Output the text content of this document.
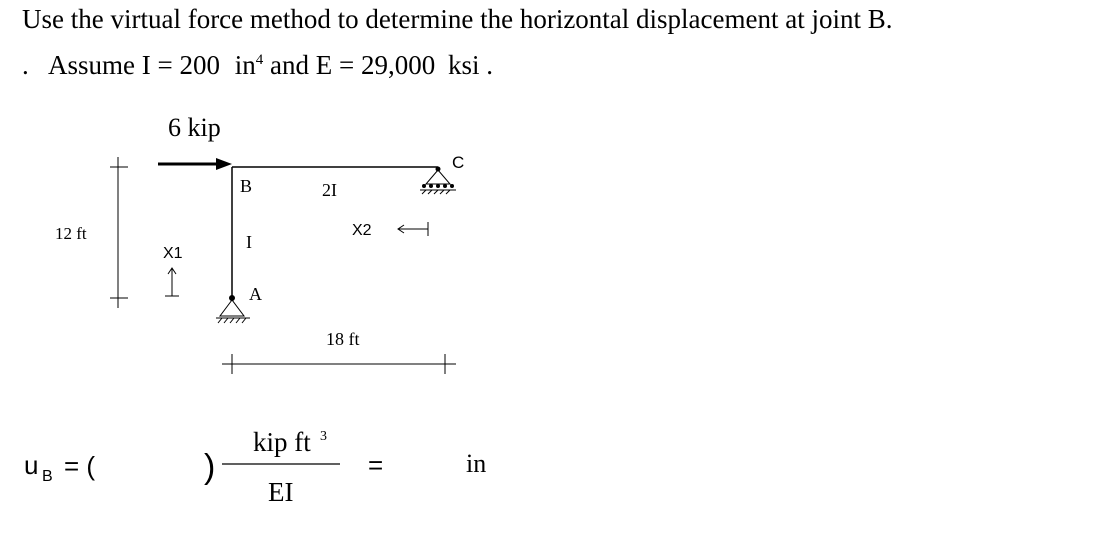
Use the virtual force method to determine the horizontal displacement at joint B.
. Assume I = 200 $in^4$ and E = 29,000 ksi .
6 kip
B	2I
C
I
A
X2
X1
12 ft
18 ft
u B = (	)
kip ft 3
EI
=	in
